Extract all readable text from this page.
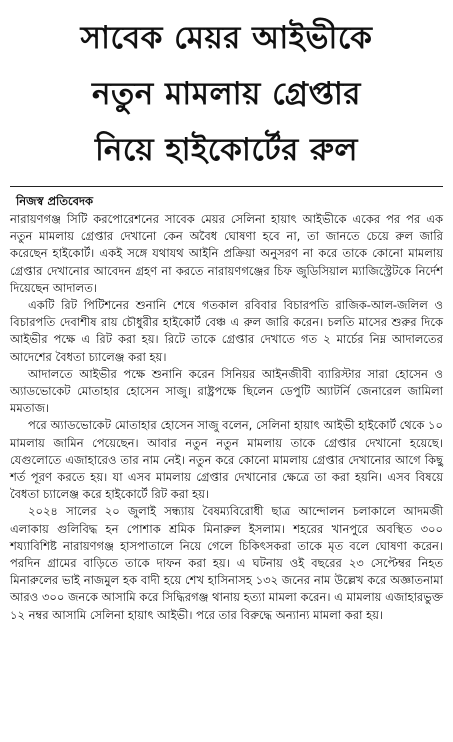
সাবেক মেয়র আইভীকে
নতুন মামলায় গ্রেপ্তার
নিয়ে হাইকোর্টের রুল
নিজস্ব প্রতিবেদক

নারায়ণগঞ্জ সিটি করপোরেশনের সাবেক মেয়র সেলিনা হায়াৎ আইভীকে একের পর পর এক নতুন মামলায় গ্রেপ্তার দেখানো কেন অবৈধ ঘোষণা হবে না, তা জানতে চেয়ে রুল জারি করেছেন হাইকোর্ট। একই সঙ্গে যথাযথ আইনি প্রক্রিয়া অনুসরণ না করে তাকে কোনো মামলায় গ্রেপ্তার দেখানোর আবেদন গ্রহণ না করতে নারায়ণগঞ্জের চিফ জুডিসিয়াল ম্যাজিস্ট্রেটকে নির্দেশ দিয়েছেন আদালত।

একটি রিট পিটিশনের শুনানি শেষে গতকাল রবিবার বিচারপতি রাজিক-আল-জলিল ও বিচারপতি দেবাশীষ রায় চৌধুরীর হাইকোর্ট বেঞ্চ এ রুল জারি করেন। চলতি মাসের শুরুর দিকে আইভীর পক্ষে এ রিট করা হয়। রিটে তাকে গ্রেপ্তার দেখাতে গত ২ মার্চের নিম্ন আদালতের আদেশের বৈধতা চ্যালেঞ্জ করা হয়।

আদালতে আইভীর পক্ষে শুনানি করেন সিনিয়র আইনজীবী ব্যারিস্টার সারা হোসেন ও অ্যাডভোকেট মোতাহার হোসেন সাজু। রাষ্ট্রপক্ষে ছিলেন ডেপুটি অ্যাটর্নি জেনারেল জামিলা মমতাজ।

পরে অ্যাডভোকেট মোতাহার হোসেন সাজু বলেন, সেলিনা হায়াৎ আইভী হাইকোর্ট থেকে ১০ মামলায় জামিন পেয়েছেন। আবার নতুন নতুন মামলায় তাকে গ্রেপ্তার দেখানো হয়েছে। যেগুলোতে এজাহারেও তার নাম নেই। নতুন করে কোনো মামলায় গ্রেপ্তার দেখানোর আগে কিছু শর্ত পূরণ করতে হয়। যা এসব মামলায় গ্রেপ্তার দেখানোর ক্ষেত্রে তা করা হয়নি। এসব বিষয়ে বৈধতা চ্যালেঞ্জ করে হাইকোর্টে রিট করা হয়।

২০২৪ সালের ২০ জুলাই সন্ধ্যায় বৈষম্যবিরোধী ছাত্র আন্দোলন চলাকালে আদমজী এলাকায় গুলিবিদ্ধ হন পোশাক শ্রমিক মিনারুল ইসলাম। শহরের খানপুরে অবস্থিত ৩০০ শয্যাবিশিষ্ট নারায়ণগঞ্জ হাসপাতালে নিয়ে গেলে চিকিৎসকরা তাকে মৃত বলে ঘোষণা করেন। পরদিন গ্রামের বাড়িতে তাকে দাফন করা হয়। এ ঘটনায় ওই বছরের ২৩ সেপ্টেম্বর নিহত মিনারুলের ভাই নাজমুল হক বাদী হয়ে শেখ হাসিনাসহ ১৩২ জনের নাম উল্লেখ করে অজ্ঞাতনামা আরও ৩০০ জনকে আসামি করে সিদ্ধিরগঞ্জ থানায় হত্যা মামলা করেন। এ মামলায় এজাহারভুক্ত ১২ নম্বর আসামি সেলিনা হায়াৎ আইভী। পরে তার বিরুদ্ধে অন্যান্য মামলা করা হয়।
